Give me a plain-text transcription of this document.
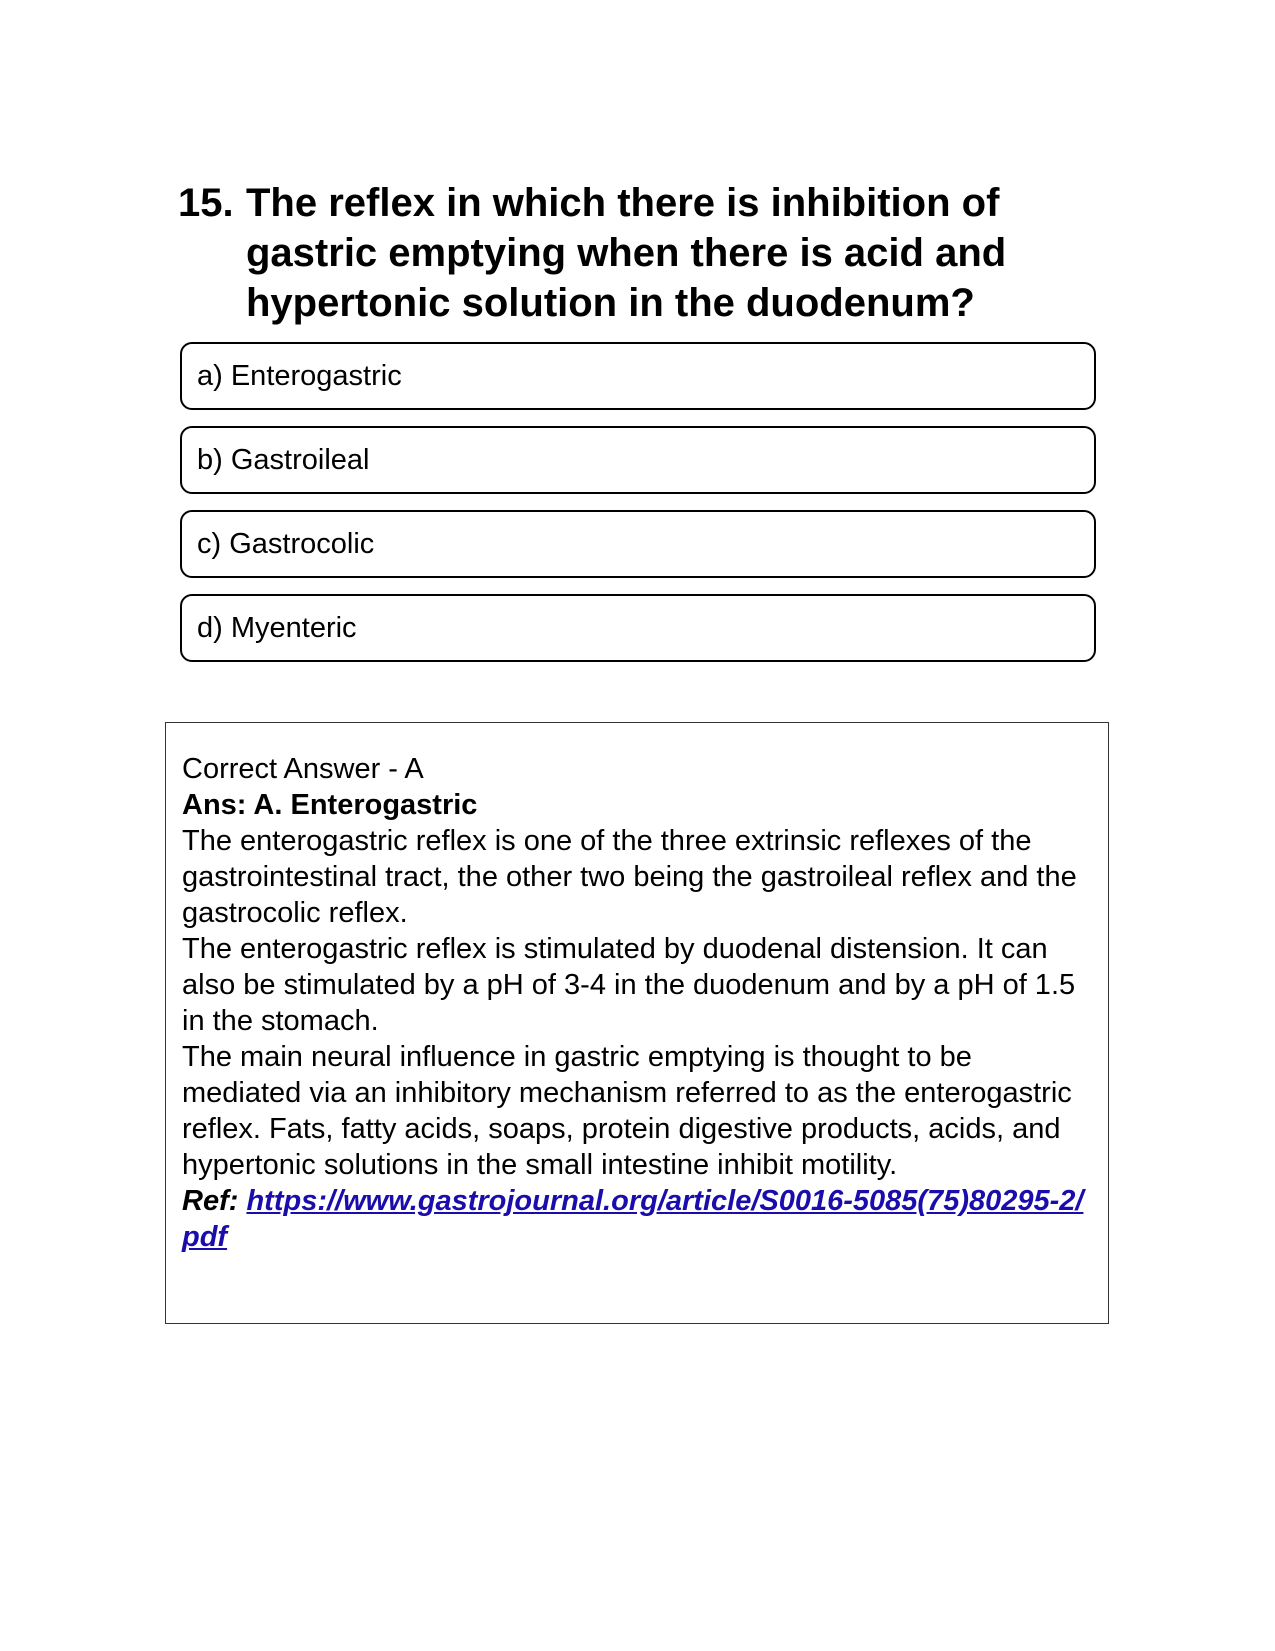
15. The reflex in which there is inhibition of gastric emptying when there is acid and hypertonic solution in the duodenum?
a) Enterogastric
b) Gastroileal
c) Gastrocolic
d) Myenteric

Correct Answer - A

Ans: A. Enterogastric

The enterogastric reflex is one of the three extrinsic reflexes of the gastrointestinal tract, the other two being the gastroileal reflex and the gastrocolic reflex.

The enterogastric reflex is stimulated by duodenal distension. It can also be stimulated by a pH of 3-4 in the duodenum and by a pH of 1.5 in the stomach.

The main neural influence in gastric emptying is thought to be mediated via an inhibitory mechanism referred to as the enterogastric reflex. Fats, fatty acids, soaps, protein digestive products, acids, and hypertonic solutions in the small intestine inhibit motility.

Ref: https://www.gastrojournal.org/article/S0016-5085(75)80295-2/pdf
